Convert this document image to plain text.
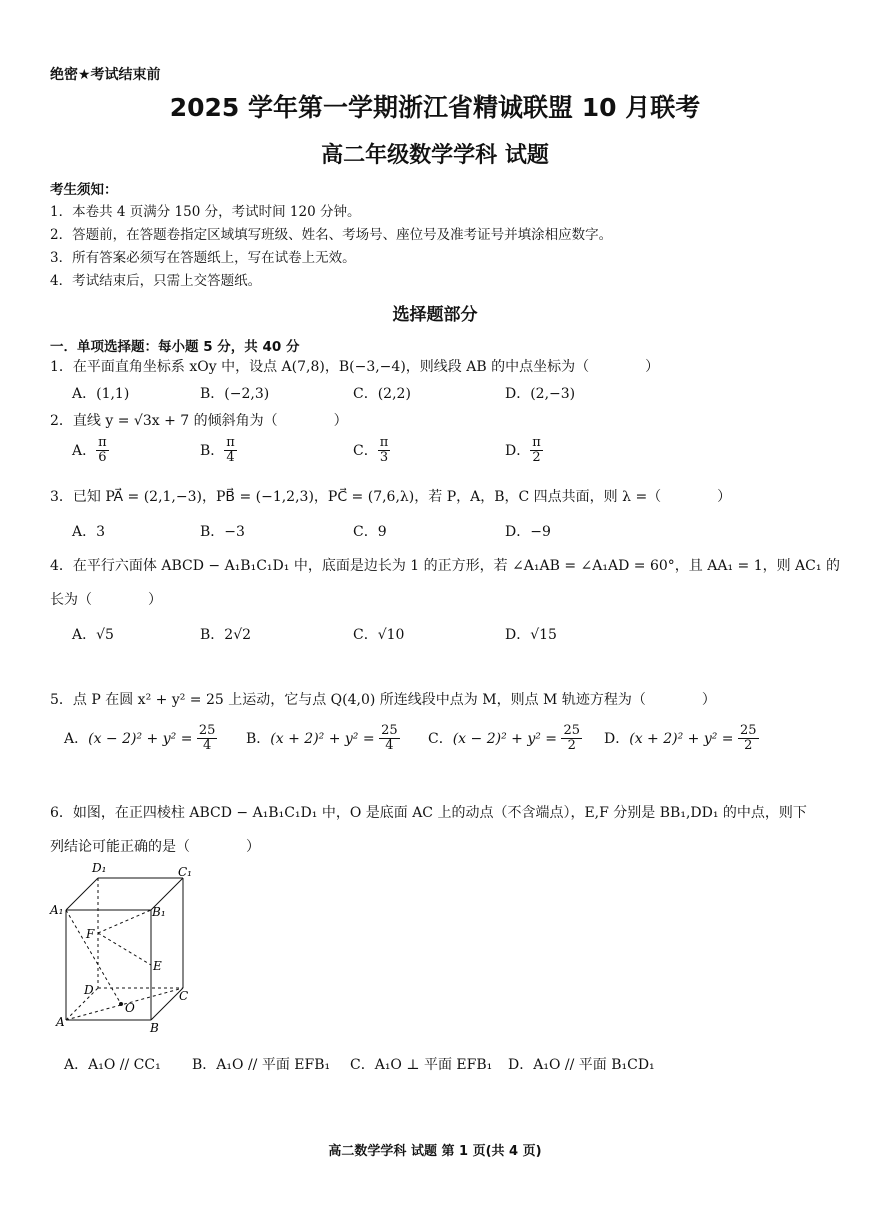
绝密★考试结束前
2025 学年第一学期浙江省精诚联盟 10 月联考
高二年级数学学科 试题
考生须知：
1．本卷共 4 页满分 150 分，考试时间 120 分钟。
2．答题前，在答题卷指定区域填写班级、姓名、考场号、座位号及准考证号并填涂相应数字。
3．所有答案必须写在答题纸上，写在试卷上无效。
4．考试结束后，只需上交答题纸。
选择题部分
一．单项选择题：每小题 5 分，共 40 分
1．在平面直角坐标系 xOy 中，设点 A(7,8)，B(−3,−4)，则线段 AB 的中点坐标为（　　　　）
A．(1,1)	B．(−2,3)	C．(2,2)	D．(2,−3)
2．直线 y = √3x + 7 的倾斜角为（　　　　）
A． $\frac{\pi}{6}$	B． $\frac{\pi}{4}$	C． $\frac{\pi}{3}$	D． $\frac{\pi}{2}$
3．已知 PA⃗ = (2,1,−3)，PB⃗ = (−1,2,3)，PC⃗ = (7,6,λ)，若 P，A，B，C 四点共面，则 λ =（　　　　）
A．3	B．−3	C．9	D．−9
4．在平行六面体 ABCD − A₁B₁C₁D₁ 中，底面是边长为 1 的正方形，若 ∠A₁AB = ∠A₁AD = 60°，且 AA₁ = 1，则 AC₁ 的
长为（　　　　）
A．√5	B．2√2	C．√10	D．√15
5．点 P 在圆 x² + y² = 25 上运动，它与点 Q(4,0) 所连线段中点为 M，则点 M 轨迹方程为（　　　　）
A．$(x - 2)^2 + y^2 = \frac{25}{4}$ B．$(x + 2)^2 + y^2 = \frac{25}{4}$ C．$(x - 2)^2 + y^2 = \frac{25}{2}$ D．$(x + 2)^2 + y^2 = \frac{25}{2}$
6．如图，在正四棱柱 ABCD − A₁B₁C₁D₁ 中，O 是底面 AC 上的动点（不含端点），E,F 分别是 BB₁,DD₁ 的中点，则下
列结论可能正确的是（　　　　）
D₁	C₁
A₁	B₁
F
E
D	C
O
A	B
A．A₁O // CC₁ B．A₁O // 平面 EFB₁ C．A₁O ⊥ 平面 EFB₁ D．A₁O // 平面 B₁CD₁
高二数学学科 试题 第 1 页(共 4 页)
